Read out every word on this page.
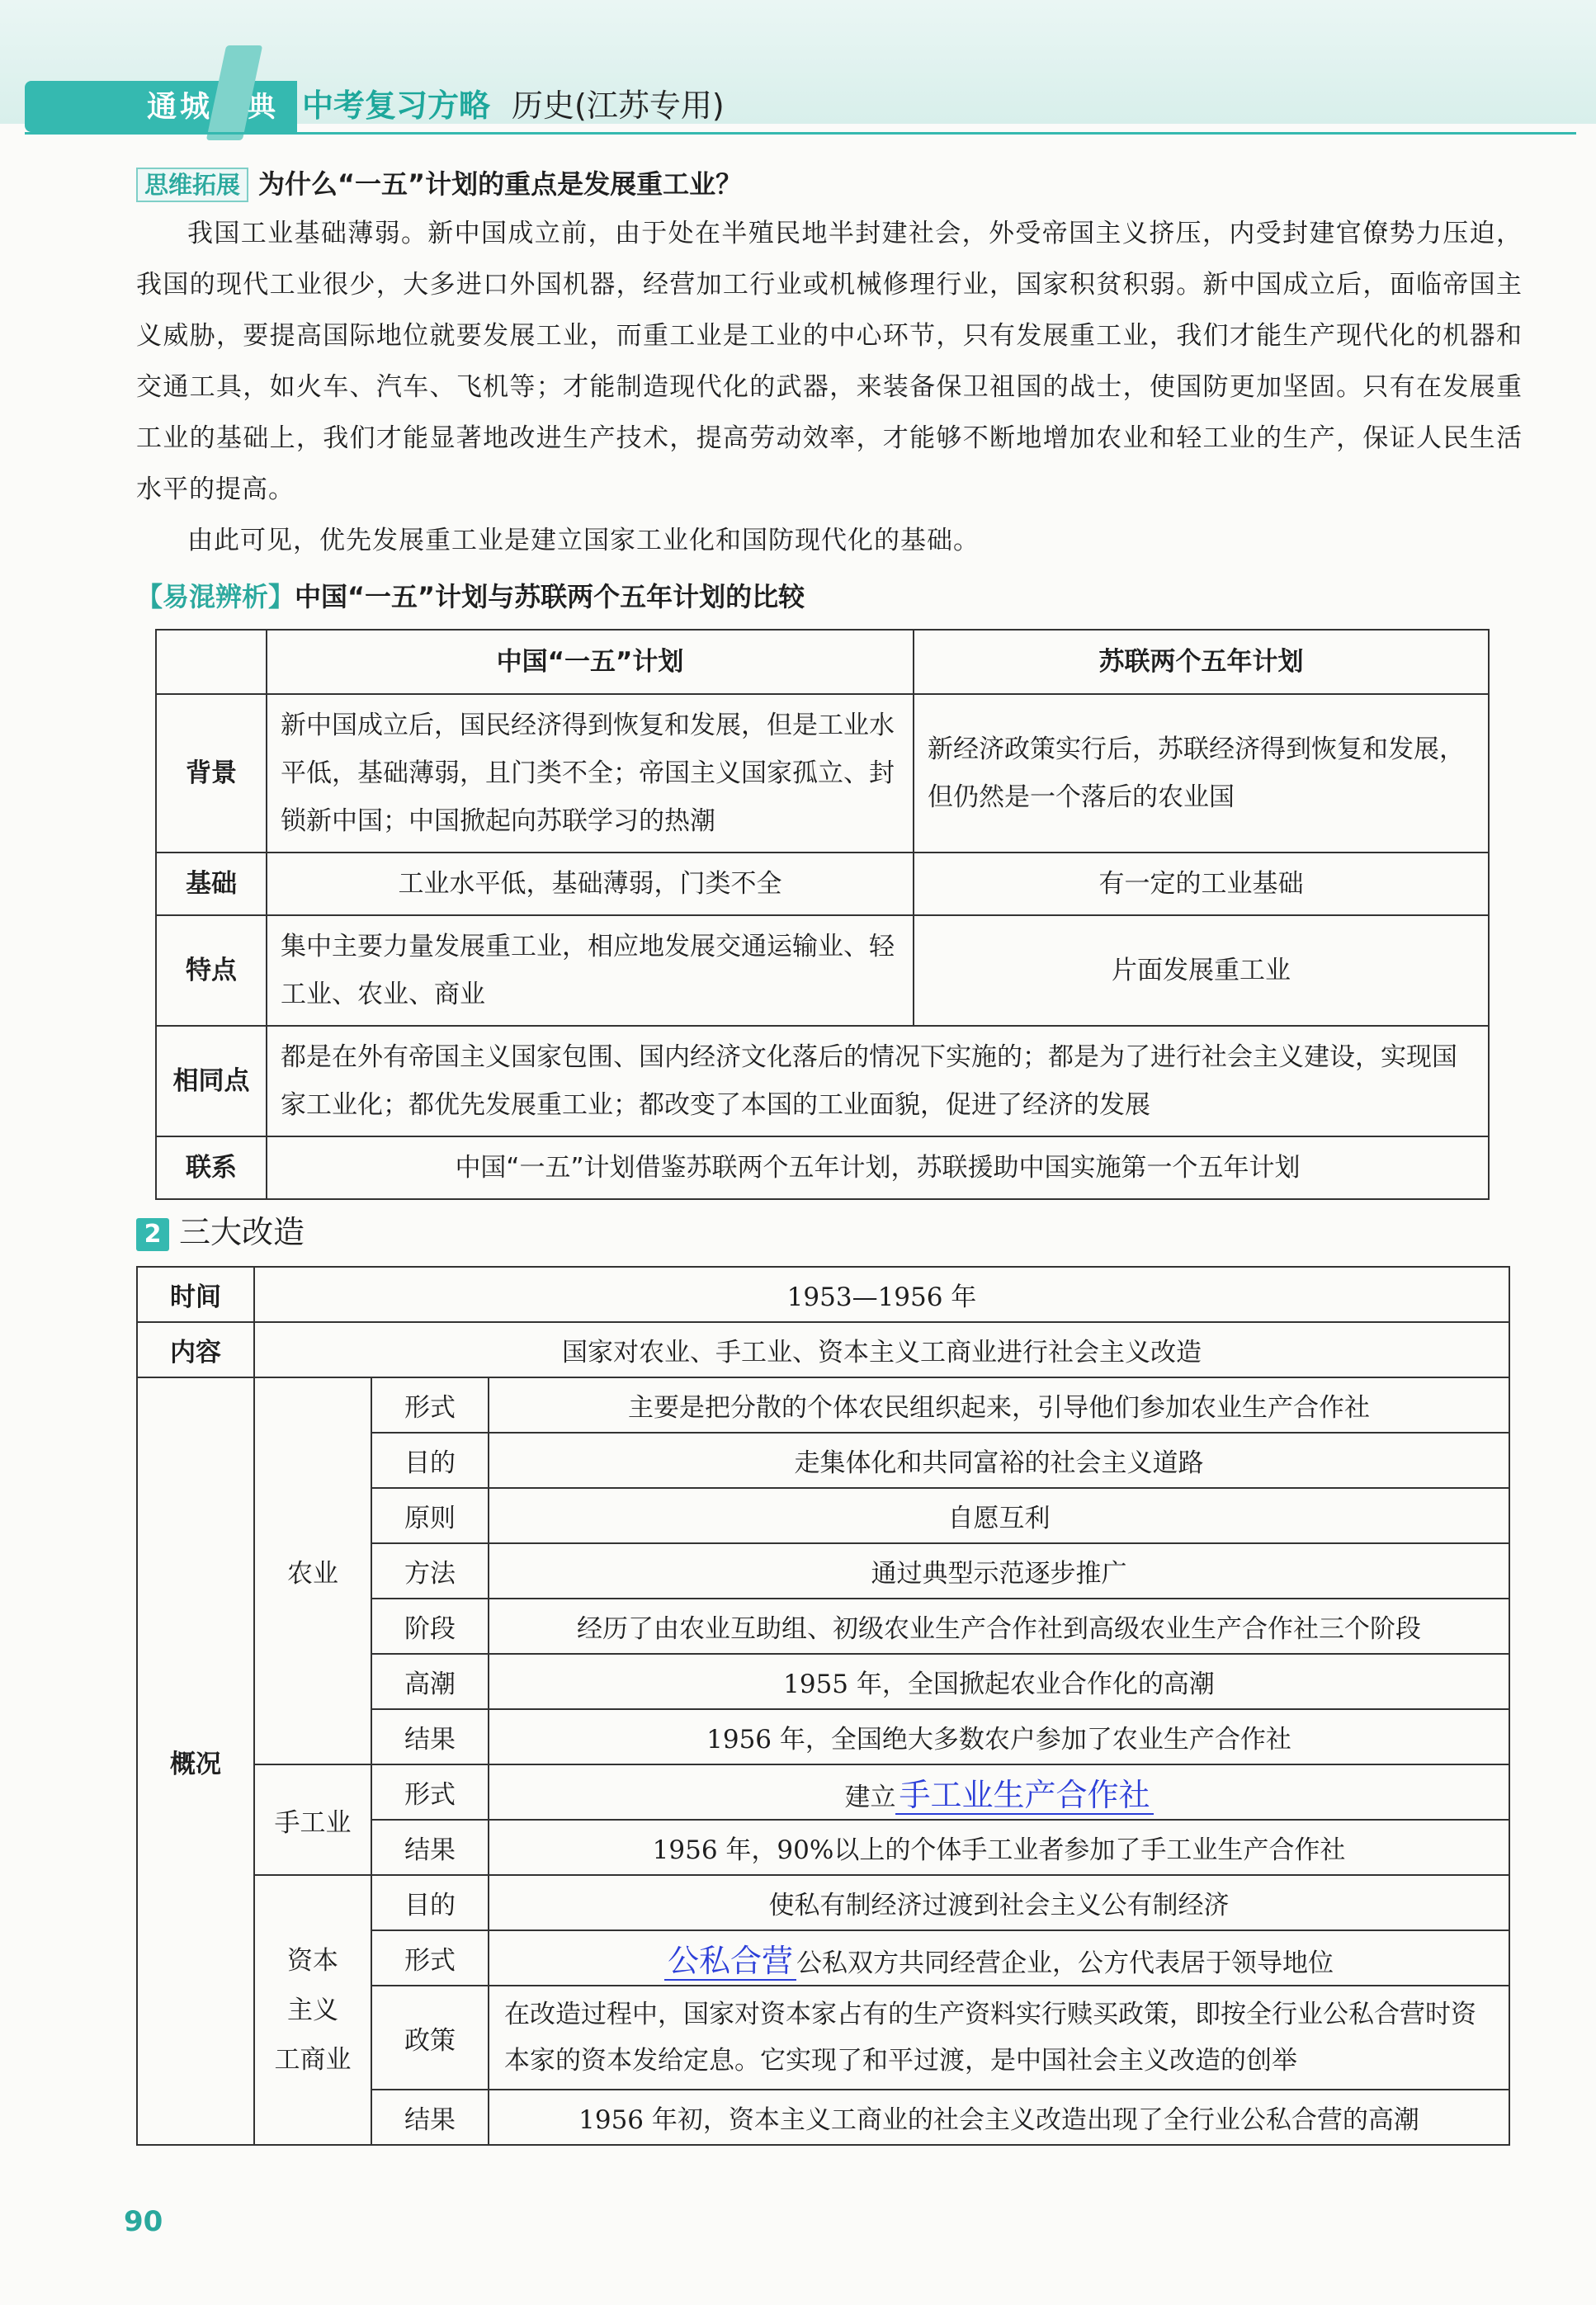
通城 典 中考复习方略 历史(江苏专用)
思维拓展 为什么“一五”计划的重点是发展重工业？

我国工业基础薄弱。新中国成立前，由于处在半殖民地半封建社会，外受帝国主义挤压，内受封建官僚势力压迫，我国的现代工业很少，大多进口外国机器，经营加工行业或机械修理行业，国家积贫积弱。新中国成立后，面临帝国主义威胁，要提高国际地位就要发展工业，而重工业是工业的中心环节，只有发展重工业，我们才能生产现代化的机器和交通工具，如火车、汽车、飞机等；才能制造现代化的武器，来装备保卫祖国的战士，使国防更加坚固。只有在发展重工业的基础上，我们才能显著地改进生产技术，提高劳动效率，才能够不断地增加农业和轻工业的生产，保证人民生活水平的提高。

由此可见，优先发展重工业是建立国家工业化和国防现代化的基础。

【易混辨析】中国“一五”计划与苏联两个五年计划的比较
	中国“一五”计划	苏联两个五年计划
背景	新中国成立后，国民经济得到恢复和发展，但是工业水平低，基础薄弱，且门类不全；帝国主义国家孤立、封锁新中国；中国掀起向苏联学习的热潮	新经济政策实行后，苏联经济得到恢复和发展，但仍然是一个落后的农业国
基础	工业水平低，基础薄弱，门类不全	有一定的工业基础
特点	集中主要力量发展重工业，相应地发展交通运输业、轻工业、农业、商业	片面发展重工业
相同点	都是在外有帝国主义国家包围、国内经济文化落后的情况下实施的；都是为了进行社会主义建设，实现国家工业化；都优先发展重工业；都改变了本国的工业面貌，促进了经济的发展	
联系	中国“一五”计划借鉴苏联两个五年计划，苏联援助中国实施第一个五年计划	
2 三大改造
时间	1953—1956 年		
内容	国家对农业、手工业、资本主义工商业进行社会主义改造		
概况	农业	形式	主要是把分散的个体农民组织起来，引导他们参加农业生产合作社
		目的	走集体化和共同富裕的社会主义道路
		原则	自愿互利
		方法	通过典型示范逐步推广
		阶段	经历了由农业互助组、初级农业生产合作社到高级农业生产合作社三个阶段
		高潮	1955 年，全国掀起农业合作化的高潮
		结果	1956 年，全国绝大多数农户参加了农业生产合作社
	手工业	形式	建立 手工业生产合作社
		结果	1956 年，90%以上的个体手工业者参加了手工业生产合作社
	资本
主义
工商业	目的	使私有制经济过渡到社会主义公有制经济
		形式	公私合营 公私双方共同经营企业，公方代表居于领导地位
		政策	在改造过程中，国家对资本家占有的生产资料实行赎买政策，即按全行业公私合营时资本家的资本发给定息。它实现了和平过渡，是中国社会主义改造的创举
		结果	1956 年初，资本主义工商业的社会主义改造出现了全行业公私合营的高潮
90
